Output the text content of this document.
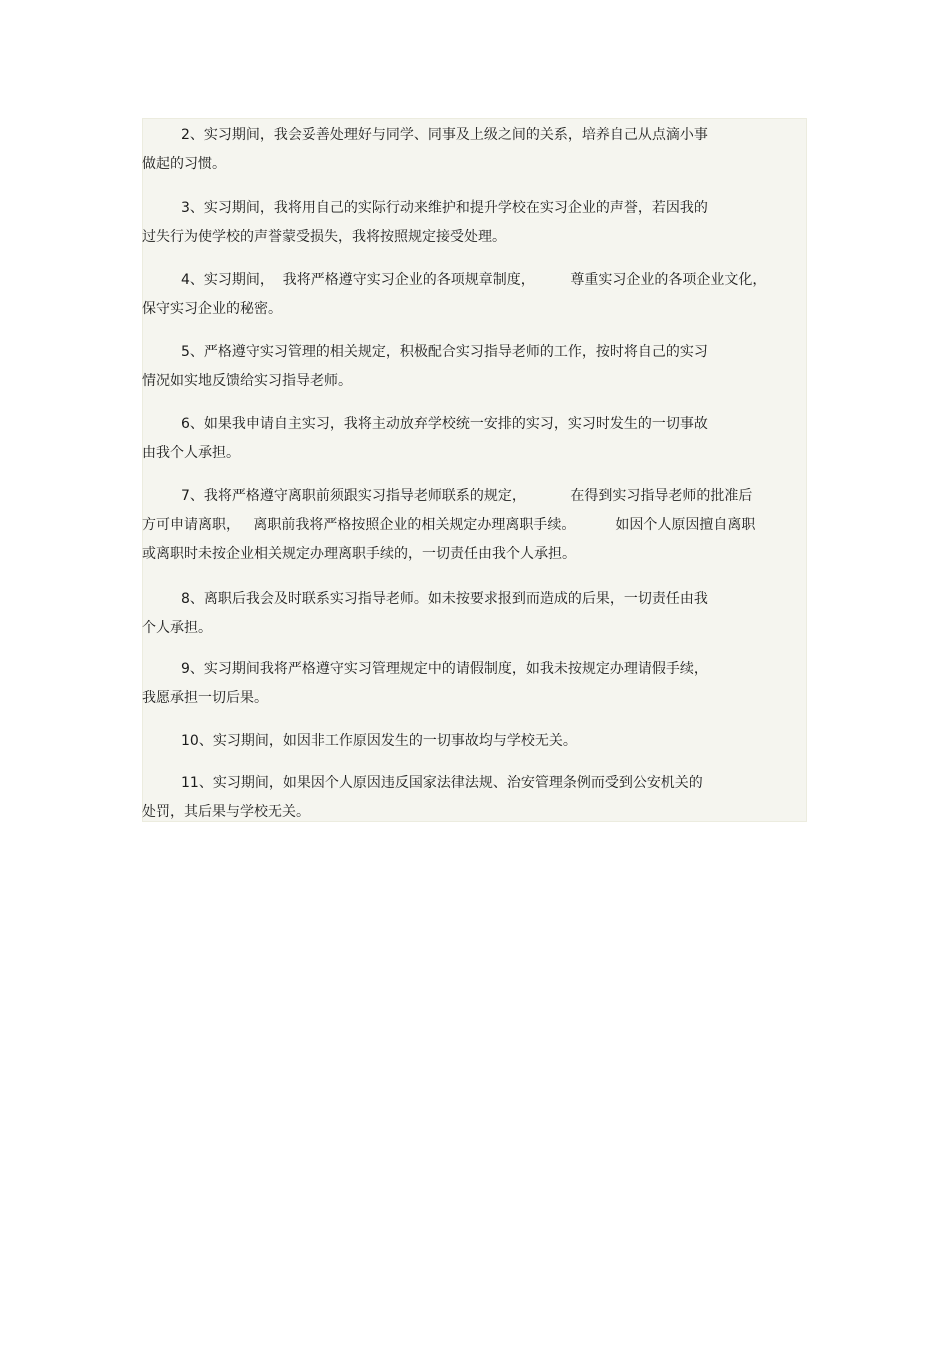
2、实习期间，我会妥善处理好与同学、同事及上级之间的关系，培养自己从点滴小事
做起的习惯。
3、实习期间，我将用自己的实际行动来维护和提升学校在实习企业的声誉，若因我的
过失行为使学校的声誉蒙受损失，我将按照规定接受处理。
4、实习期间，  我将严格遵守实习企业的各项规章制度，        尊重实习企业的各项企业文化，
保守实习企业的秘密。
5、严格遵守实习管理的相关规定，积极配合实习指导老师的工作，按时将自己的实习
情况如实地反馈给实习指导老师。
6、如果我申请自主实习，我将主动放弃学校统一安排的实习，实习时发生的一切事故
由我个人承担。
7、我将严格遵守离职前须跟实习指导老师联系的规定，          在得到实习指导老师的批准后
方可申请离职，   离职前我将严格按照企业的相关规定办理离职手续。         如因个人原因擅自离职
或离职时未按企业相关规定办理离职手续的，一切责任由我个人承担。
8、离职后我会及时联系实习指导老师。如未按要求报到而造成的后果，一切责任由我
个人承担。
9、实习期间我将严格遵守实习管理规定中的请假制度，如我未按规定办理请假手续，
我愿承担一切后果。
10、实习期间，如因非工作原因发生的一切事故均与学校无关。
11、实习期间，如果因个人原因违反国家法律法规、治安管理条例而受到公安机关的
处罚，其后果与学校无关。
